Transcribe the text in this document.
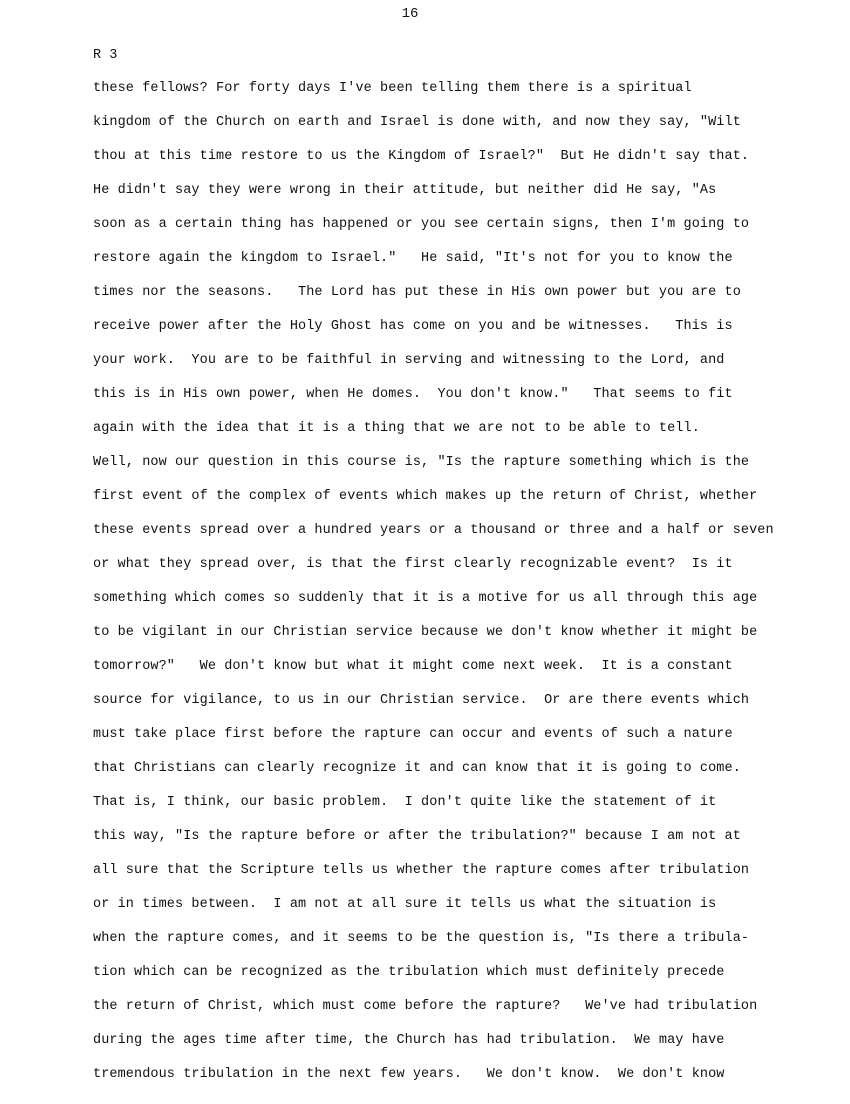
16
R 3
these fellows? For forty days I've been telling them there is a spiritual
kingdom of the Church on earth and Israel is done with, and now they say, "Wilt
thou at this time restore to us the Kingdom of Israel?"  But He didn't say that.
He didn't say they were wrong in their attitude, but neither did He say, "As
soon as a certain thing has happened or you see certain signs, then I'm going to
restore again the kingdom to Israel."   He said, "It's not for you to know the
times nor the seasons.   The Lord has put these in His own power but you are to
receive power after the Holy Ghost has come on you and be witnesses.   This is
your work.  You are to be faithful in serving and witnessing to the Lord, and
this is in His own power, when He domes.  You don't know."   That seems to fit
again with the idea that it is a thing that we are not to be able to tell.
Well, now our question in this course is, "Is the rapture something which is the
first event of the complex of events which makes up the return of Christ, whether
these events spread over a hundred years or a thousand or three and a half or seven
or what they spread over, is that the first clearly recognizable event?  Is it
something which comes so suddenly that it is a motive for us all through this age
to be vigilant in our Christian service because we don't know whether it might be
tomorrow?"   We don't know but what it might come next week.  It is a constant
source for vigilance, to us in our Christian service.  Or are there events which
must take place first before the rapture can occur and events of such a nature
that Christians can clearly recognize it and can know that it is going to come.
That is, I think, our basic problem.  I don't quite like the statement of it
this way, "Is the rapture before or after the tribulation?" because I am not at
all sure that the Scripture tells us whether the rapture comes after tribulation
or in times between.  I am not at all sure it tells us what the situation is
when the rapture comes, and it seems to be the question is, "Is there a tribula-
tion which can be recognized as the tribulation which must definitely precede
the return of Christ, which must come before the rapture?   We've had tribulation
during the ages time after time, the Church has had tribulation.  We may have
tremendous tribulation in the next few years.   We don't know.  We don't know
